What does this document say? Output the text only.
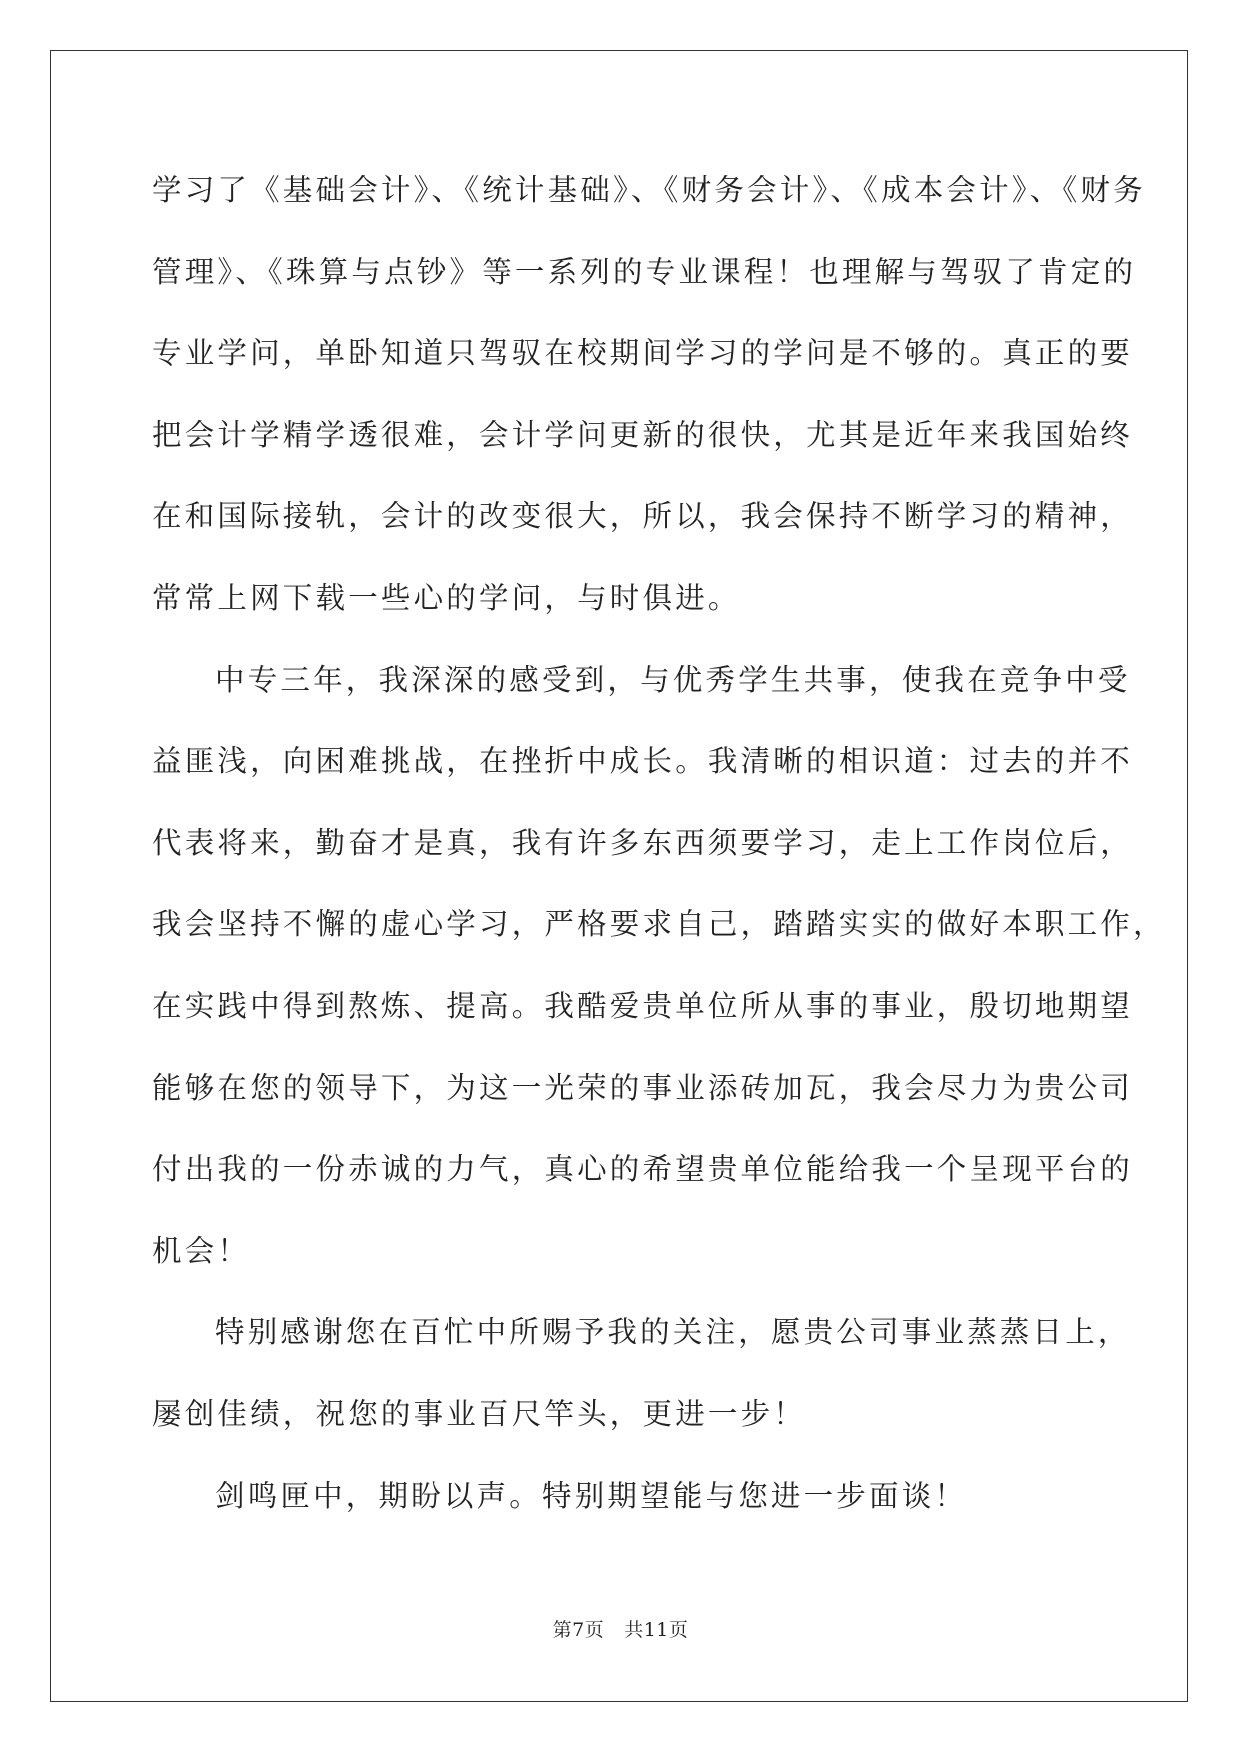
学习了《基础会计》、《统计基础》、《财务会计》、《成本会计》、《财务
管理》、《珠算与点钞》等一系列的专业课程！也理解与驾驭了肯定的
专业学问，单卧知道只驾驭在校期间学习的学问是不够的。真正的要
把会计学精学透很难，会计学问更新的很快，尤其是近年来我国始终
在和国际接轨，会计的改变很大，所以，我会保持不断学习的精神，
常常上网下载一些心的学问，与时俱进。
中专三年，我深深的感受到，与优秀学生共事，使我在竞争中受
益匪浅，向困难挑战，在挫折中成长。我清晰的相识道：过去的并不
代表将来，勤奋才是真，我有许多东西须要学习，走上工作岗位后，
我会坚持不懈的虚心学习，严格要求自己，踏踏实实的做好本职工作，
在实践中得到熬炼、提高。我酷爱贵单位所从事的事业，殷切地期望
能够在您的领导下，为这一光荣的事业添砖加瓦，我会尽力为贵公司
付出我的一份赤诚的力气，真心的希望贵单位能给我一个呈现平台的
机会！
特别感谢您在百忙中所赐予我的关注，愿贵公司事业蒸蒸日上，
屡创佳绩，祝您的事业百尺竿头，更进一步！
剑鸣匣中，期盼以声。特别期望能与您进一步面谈！
第7页 共11页
